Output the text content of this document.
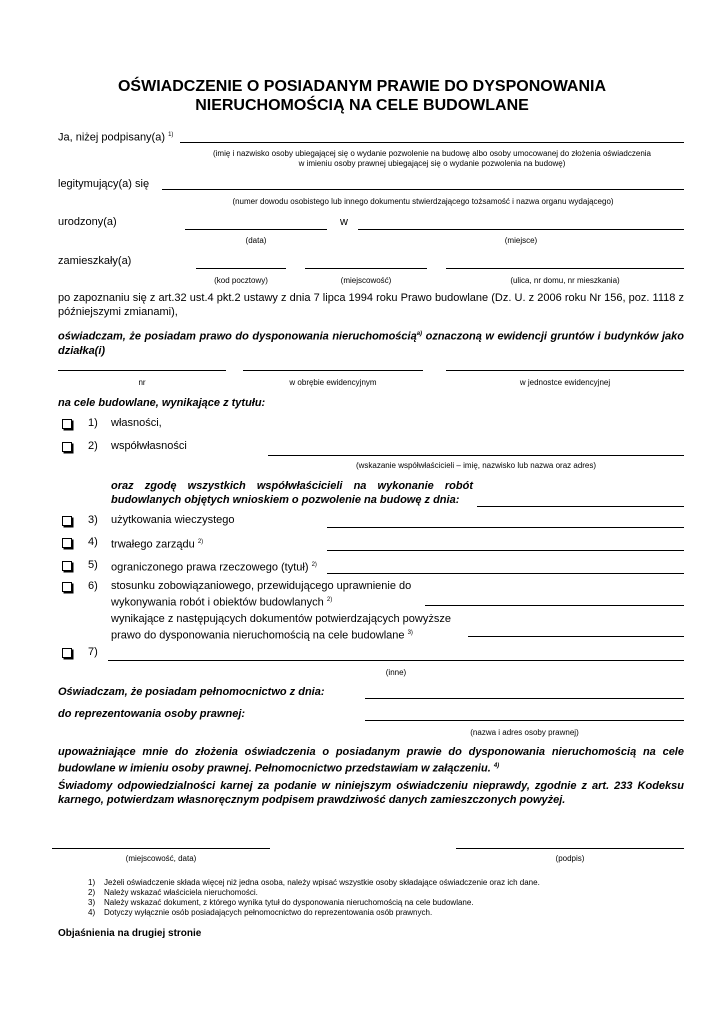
OŚWIADCZENIE O POSIADANYM PRAWIE DO DYSPONOWANIA
NIERUCHOMOŚCIĄ NA CELE BUDOWLANE
Ja, niżej podpisany(a) $^{1)}$
(imię i nazwisko osoby ubiegającej się o wydanie pozwolenie na budowę albo osoby umocowanej do złożenia oświadczenia
w imieniu osoby prawnej ubiegającej się o wydanie pozwolenia na budowę)
legitymujący(a) się
(numer dowodu osobistego lub innego dokumentu stwierdzającego tożsamość i nazwa organu wydającego)
urodzony(a)	w
(data)	(miejsce)
zamieszkały(a)
(kod pocztowy)	(miejscowość)	(ulica, nr domu, nr mieszkania)
po zapoznaniu się z art.32 ust.4 pkt.2 ustawy z dnia 7 lipca 1994 roku Prawo budowlane (Dz. U. z 2006 roku Nr 156, poz. 1118 z późniejszymi zmianami),
oświadczam, że posiadam prawo do dysponowania nieruchomością$^{a)}$ oznaczoną w ewidencji gruntów i budynków jako działka(i)
nr	w obrębie ewidencyjnym	w jednostce ewidencyjnej
na cele budowlane, wynikające z tytułu:
1) własności,
2) współwłasności
(wskazanie współwłaścicieli – imię, nazwisko lub nazwa oraz adres)
oraz zgodę wszystkich współwłaścicieli na wykonanie robót
budowlanych objętych wnioskiem o pozwolenie na budowę z dnia:
3) użytkowania wieczystego
4) trwałego zarządu $^{2)}$
5) ograniczonego prawa rzeczowego (tytuł) $^{2)}$
6) stosunku zobowiązaniowego, przewidującego uprawnienie do
wykonywania robót i obiektów budowlanych $^{2)}$
wynikające z następujących dokumentów potwierdzających powyższe
prawo do dysponowania nieruchomością na cele budowlane $^{3)}$
7)
(inne)
Oświadczam, że posiadam pełnomocnictwo z dnia:
do reprezentowania osoby prawnej:
(nazwa i adres osoby prawnej)
upoważniające mnie do złożenia oświadczenia o posiadanym prawie do dysponowania nieruchomością na cele
budowlane w imieniu osoby prawnej. Pełnomocnictwo przedstawiam w załączeniu. $^{4)}$
Świadomy odpowiedzialności karnej za podanie w niniejszym oświadczeniu nieprawdy, zgodnie z art. 233 Kodeksu
karnego, potwierdzam własnoręcznym podpisem prawdziwość danych zamieszczonych powyżej.
(miejscowość, data)	(podpis)
1) Jeżeli oświadczenie składa więcej niż jedna osoba, należy wpisać wszystkie osoby składające oświadczenie oraz ich dane.
2) Należy wskazać właściciela nieruchomości.
3) Należy wskazać dokument, z którego wynika tytuł do dysponowania nieruchomością na cele budowlane.
4) Dotyczy wyłącznie osób posiadających pełnomocnictwo do reprezentowania osób prawnych.
Objaśnienia na drugiej stronie
